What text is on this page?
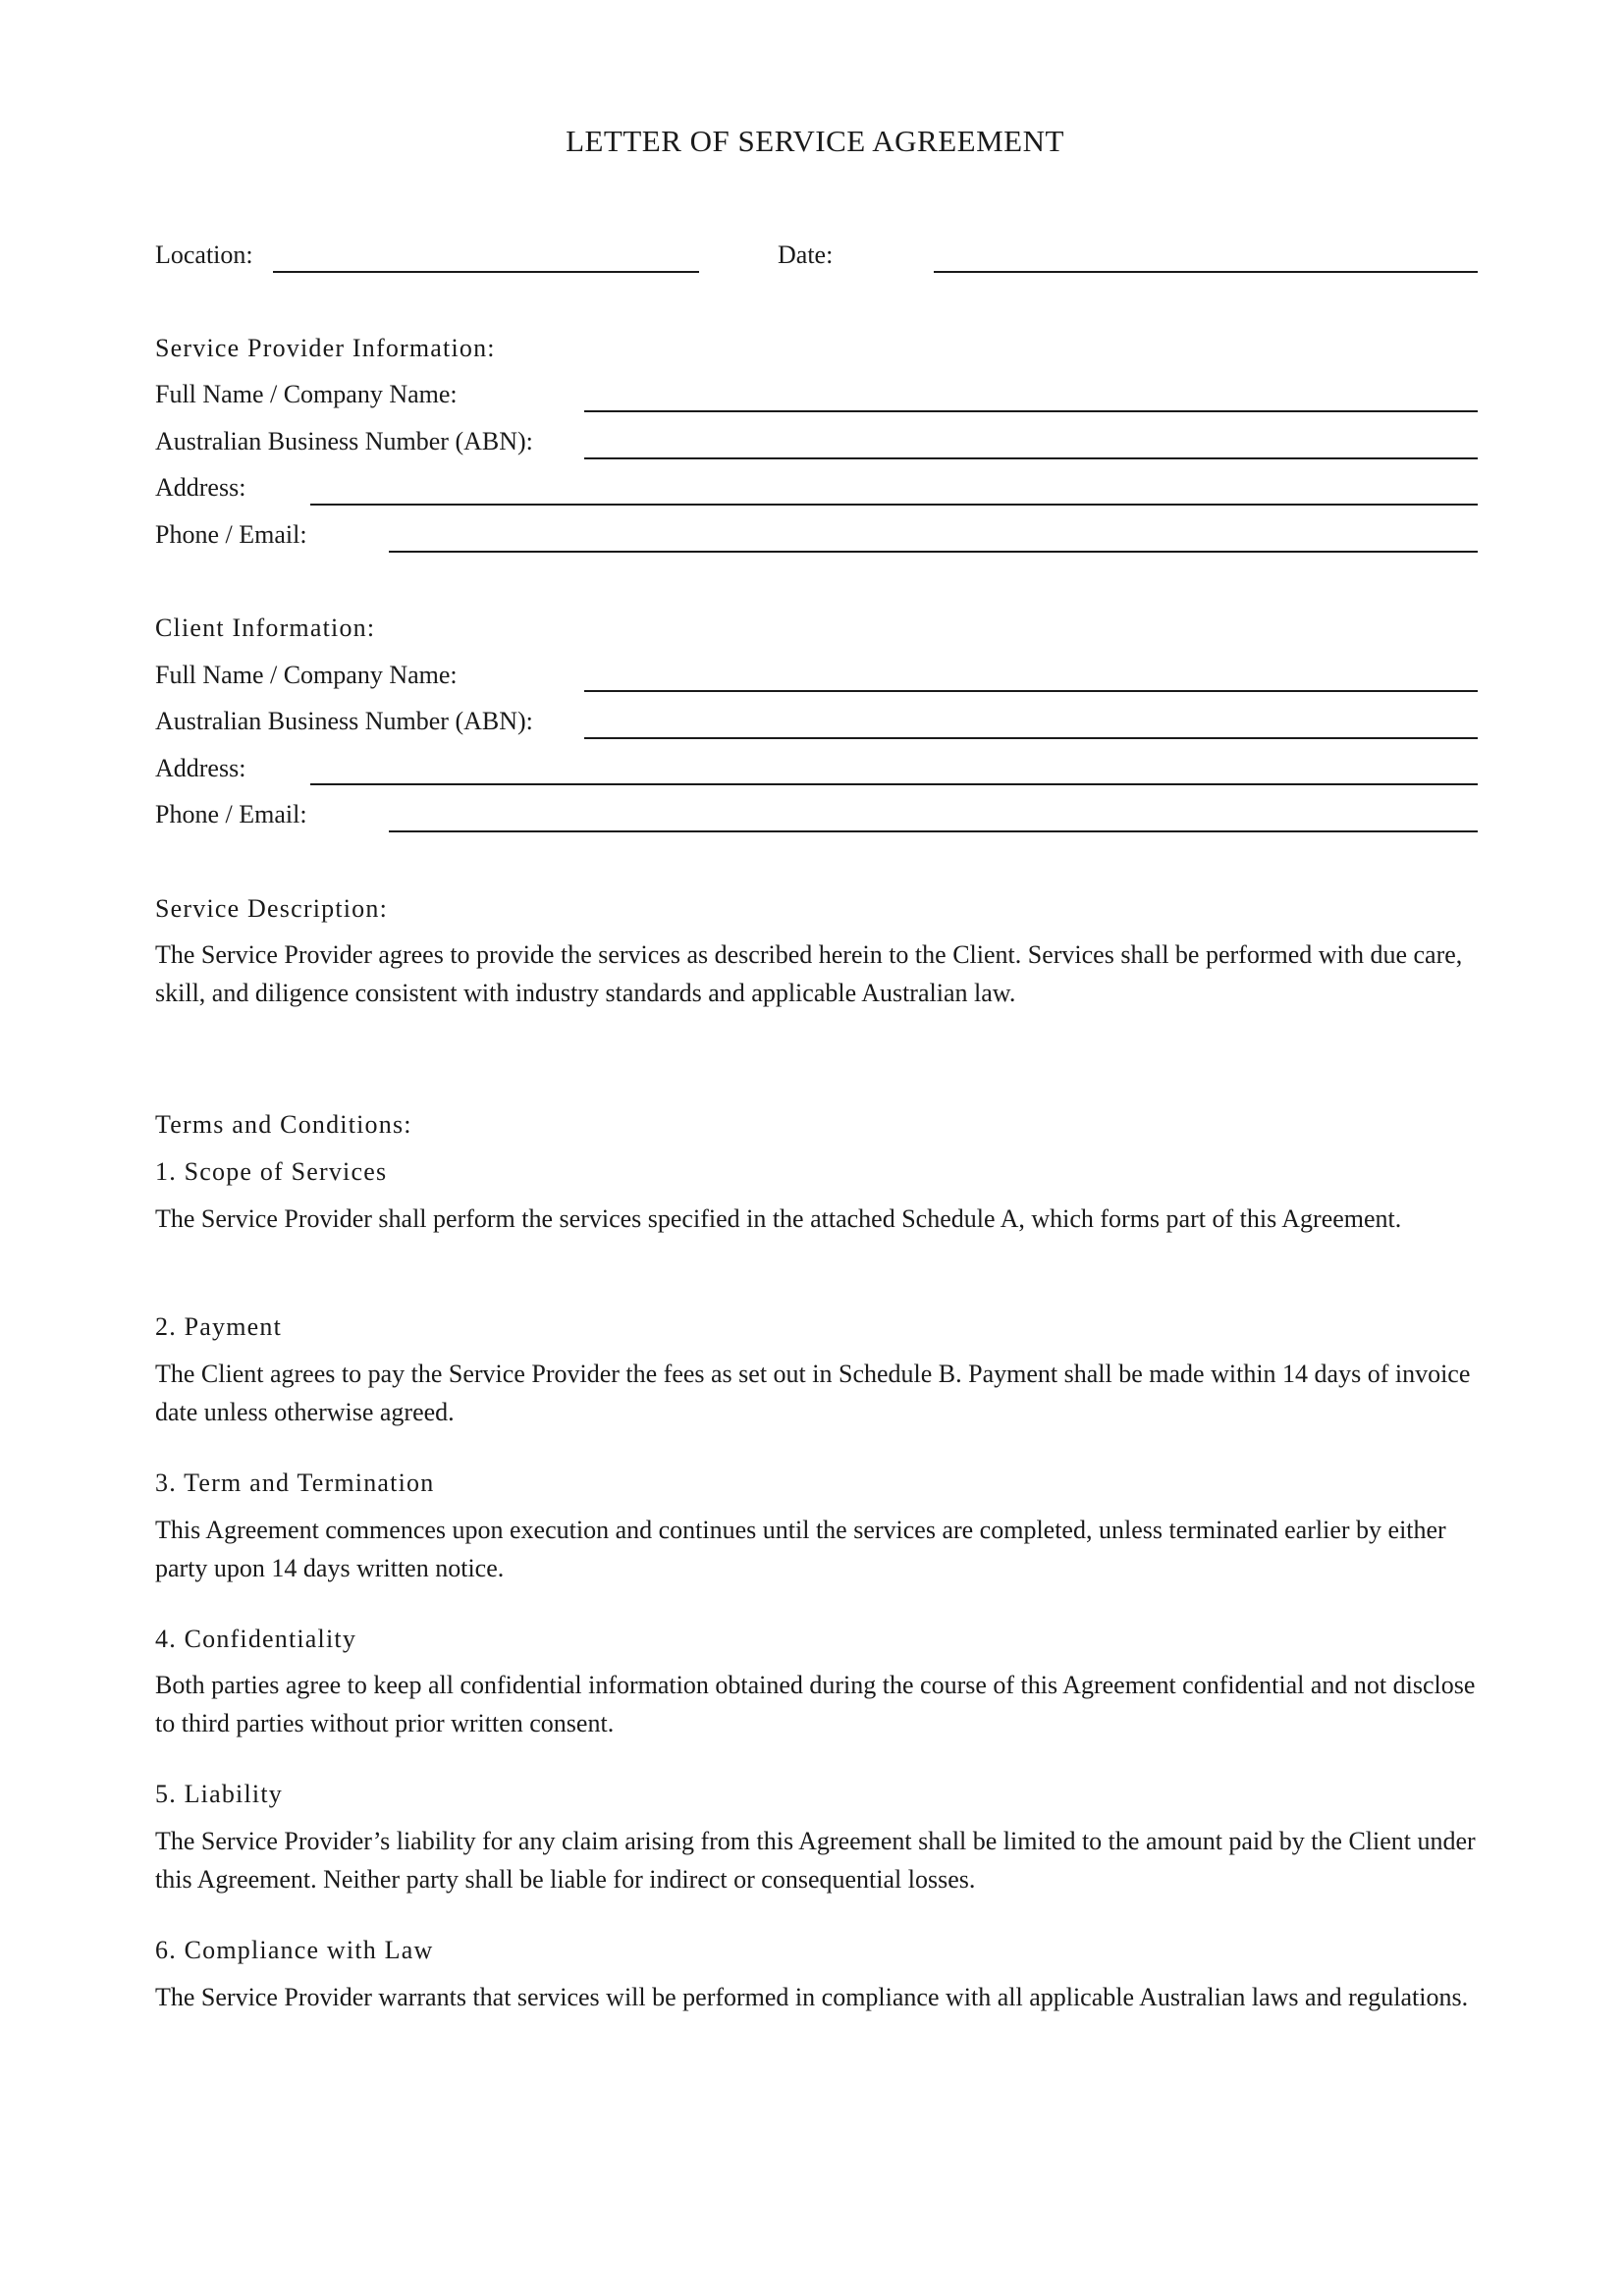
LETTER OF SERVICE AGREEMENT
Location:	Date:
Service Provider Information:
Full Name / Company Name:
Australian Business Number (ABN):
Address:
Phone / Email:
Client Information:
Full Name / Company Name:
Australian Business Number (ABN):
Address:
Phone / Email:
Service Description:
The Service Provider agrees to provide the services as described herein to the Client. Services shall be performed with due care, skill, and diligence consistent with industry standards and applicable Australian law.
Terms and Conditions:
1. Scope of Services
The Service Provider shall perform the services specified in the attached Schedule A, which forms part of this Agreement.
2. Payment
The Client agrees to pay the Service Provider the fees as set out in Schedule B. Payment shall be made within 14 days of invoice date unless otherwise agreed.
3. Term and Termination
This Agreement commences upon execution and continues until the services are completed, unless terminated earlier by either party upon 14 days written notice.
4. Confidentiality
Both parties agree to keep all confidential information obtained during the course of this Agreement confidential and not disclose to third parties without prior written consent.
5. Liability
The Service Provider’s liability for any claim arising from this Agreement shall be limited to the amount paid by the Client under this Agreement. Neither party shall be liable for indirect or consequential losses.
6. Compliance with Law
The Service Provider warrants that services will be performed in compliance with all applicable Australian laws and regulations.
